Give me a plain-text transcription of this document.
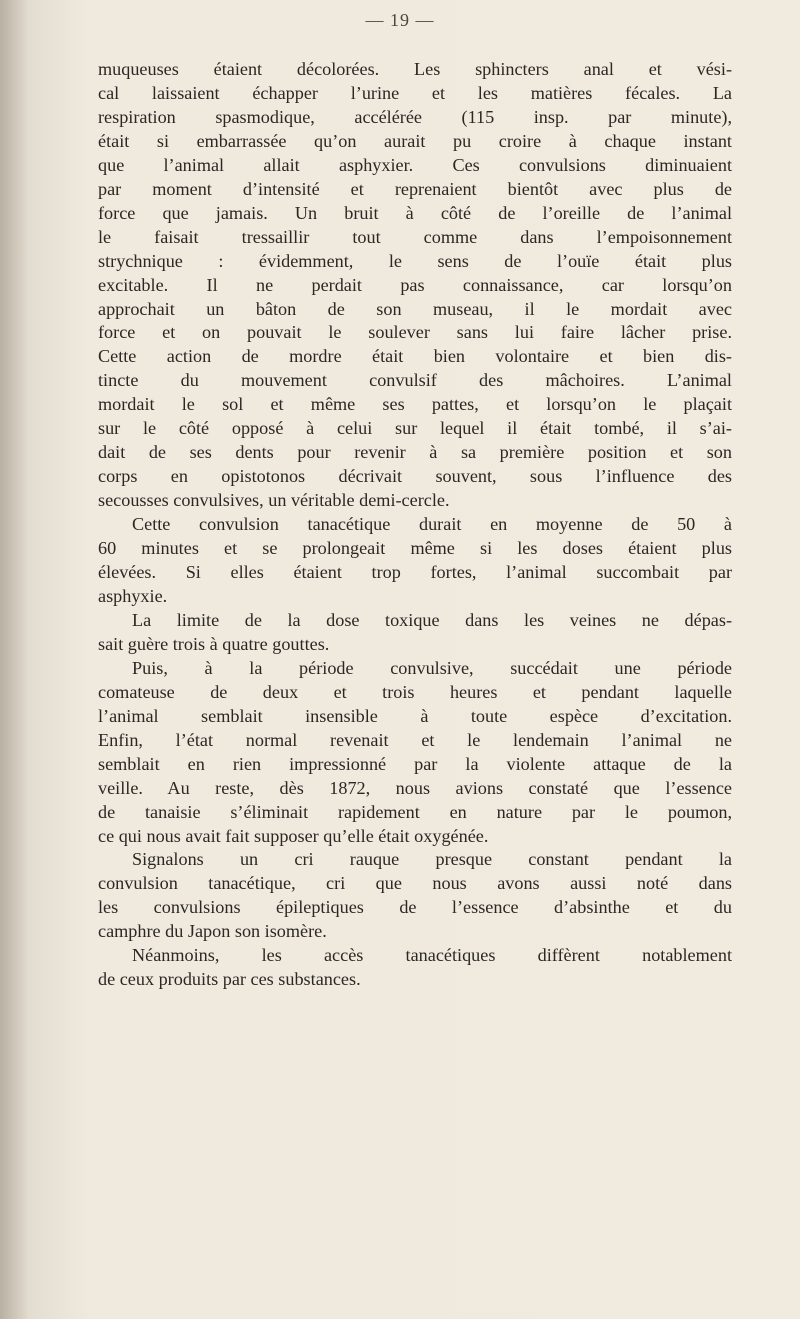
— 19 —

muqueuses étaient décolorées. Les sphincters anal et vési-
cal laissaient échapper l’urine et les matières fécales. La
respiration spasmodique, accélérée (115 insp. par minute),
était si embarrassée qu’on aurait pu croire à chaque instant
que l’animal allait asphyxier. Ces convulsions diminuaient
par moment d’intensité et reprenaient bientôt avec plus de
force que jamais. Un bruit à côté de l’oreille de l’animal
le faisait tressaillir tout comme dans l’empoisonnement
strychnique : évidemment, le sens de l’ouïe était plus
excitable. Il ne perdait pas connaissance, car lorsqu’on
approchait un bâton de son museau, il le mordait avec
force et on pouvait le soulever sans lui faire lâcher prise.
Cette action de mordre était bien volontaire et bien dis-
tincte du mouvement convulsif des mâchoires. L’animal
mordait le sol et même ses pattes, et lorsqu’on le plaçait
sur le côté opposé à celui sur lequel il était tombé, il s’ai-
dait de ses dents pour revenir à sa première position et son
corps en opistotonos décrivait souvent, sous l’influence des
secousses convulsives, un véritable demi-cercle.

Cette convulsion tanacétique durait en moyenne de 50 à
60 minutes et se prolongeait même si les doses étaient plus
élevées. Si elles étaient trop fortes, l’animal succombait par
asphyxie.

La limite de la dose toxique dans les veines ne dépas-
sait guère trois à quatre gouttes.

Puis, à la période convulsive, succédait une période
comateuse de deux et trois heures et pendant laquelle
l’animal semblait insensible à toute espèce d’excitation.
Enfin, l’état normal revenait et le lendemain l’animal ne
semblait en rien impressionné par la violente attaque de la
veille. Au reste, dès 1872, nous avions constaté que l’essence
de tanaisie s’éliminait rapidement en nature par le poumon,
ce qui nous avait fait supposer qu’elle était oxygénée.

Signalons un cri rauque presque constant pendant la
convulsion tanacétique, cri que nous avons aussi noté dans
les convulsions épileptiques de l’essence d’absinthe et du
camphre du Japon son isomère.

Néanmoins, les accès tanacétiques diffèrent notablement
de ceux produits par ces substances.
